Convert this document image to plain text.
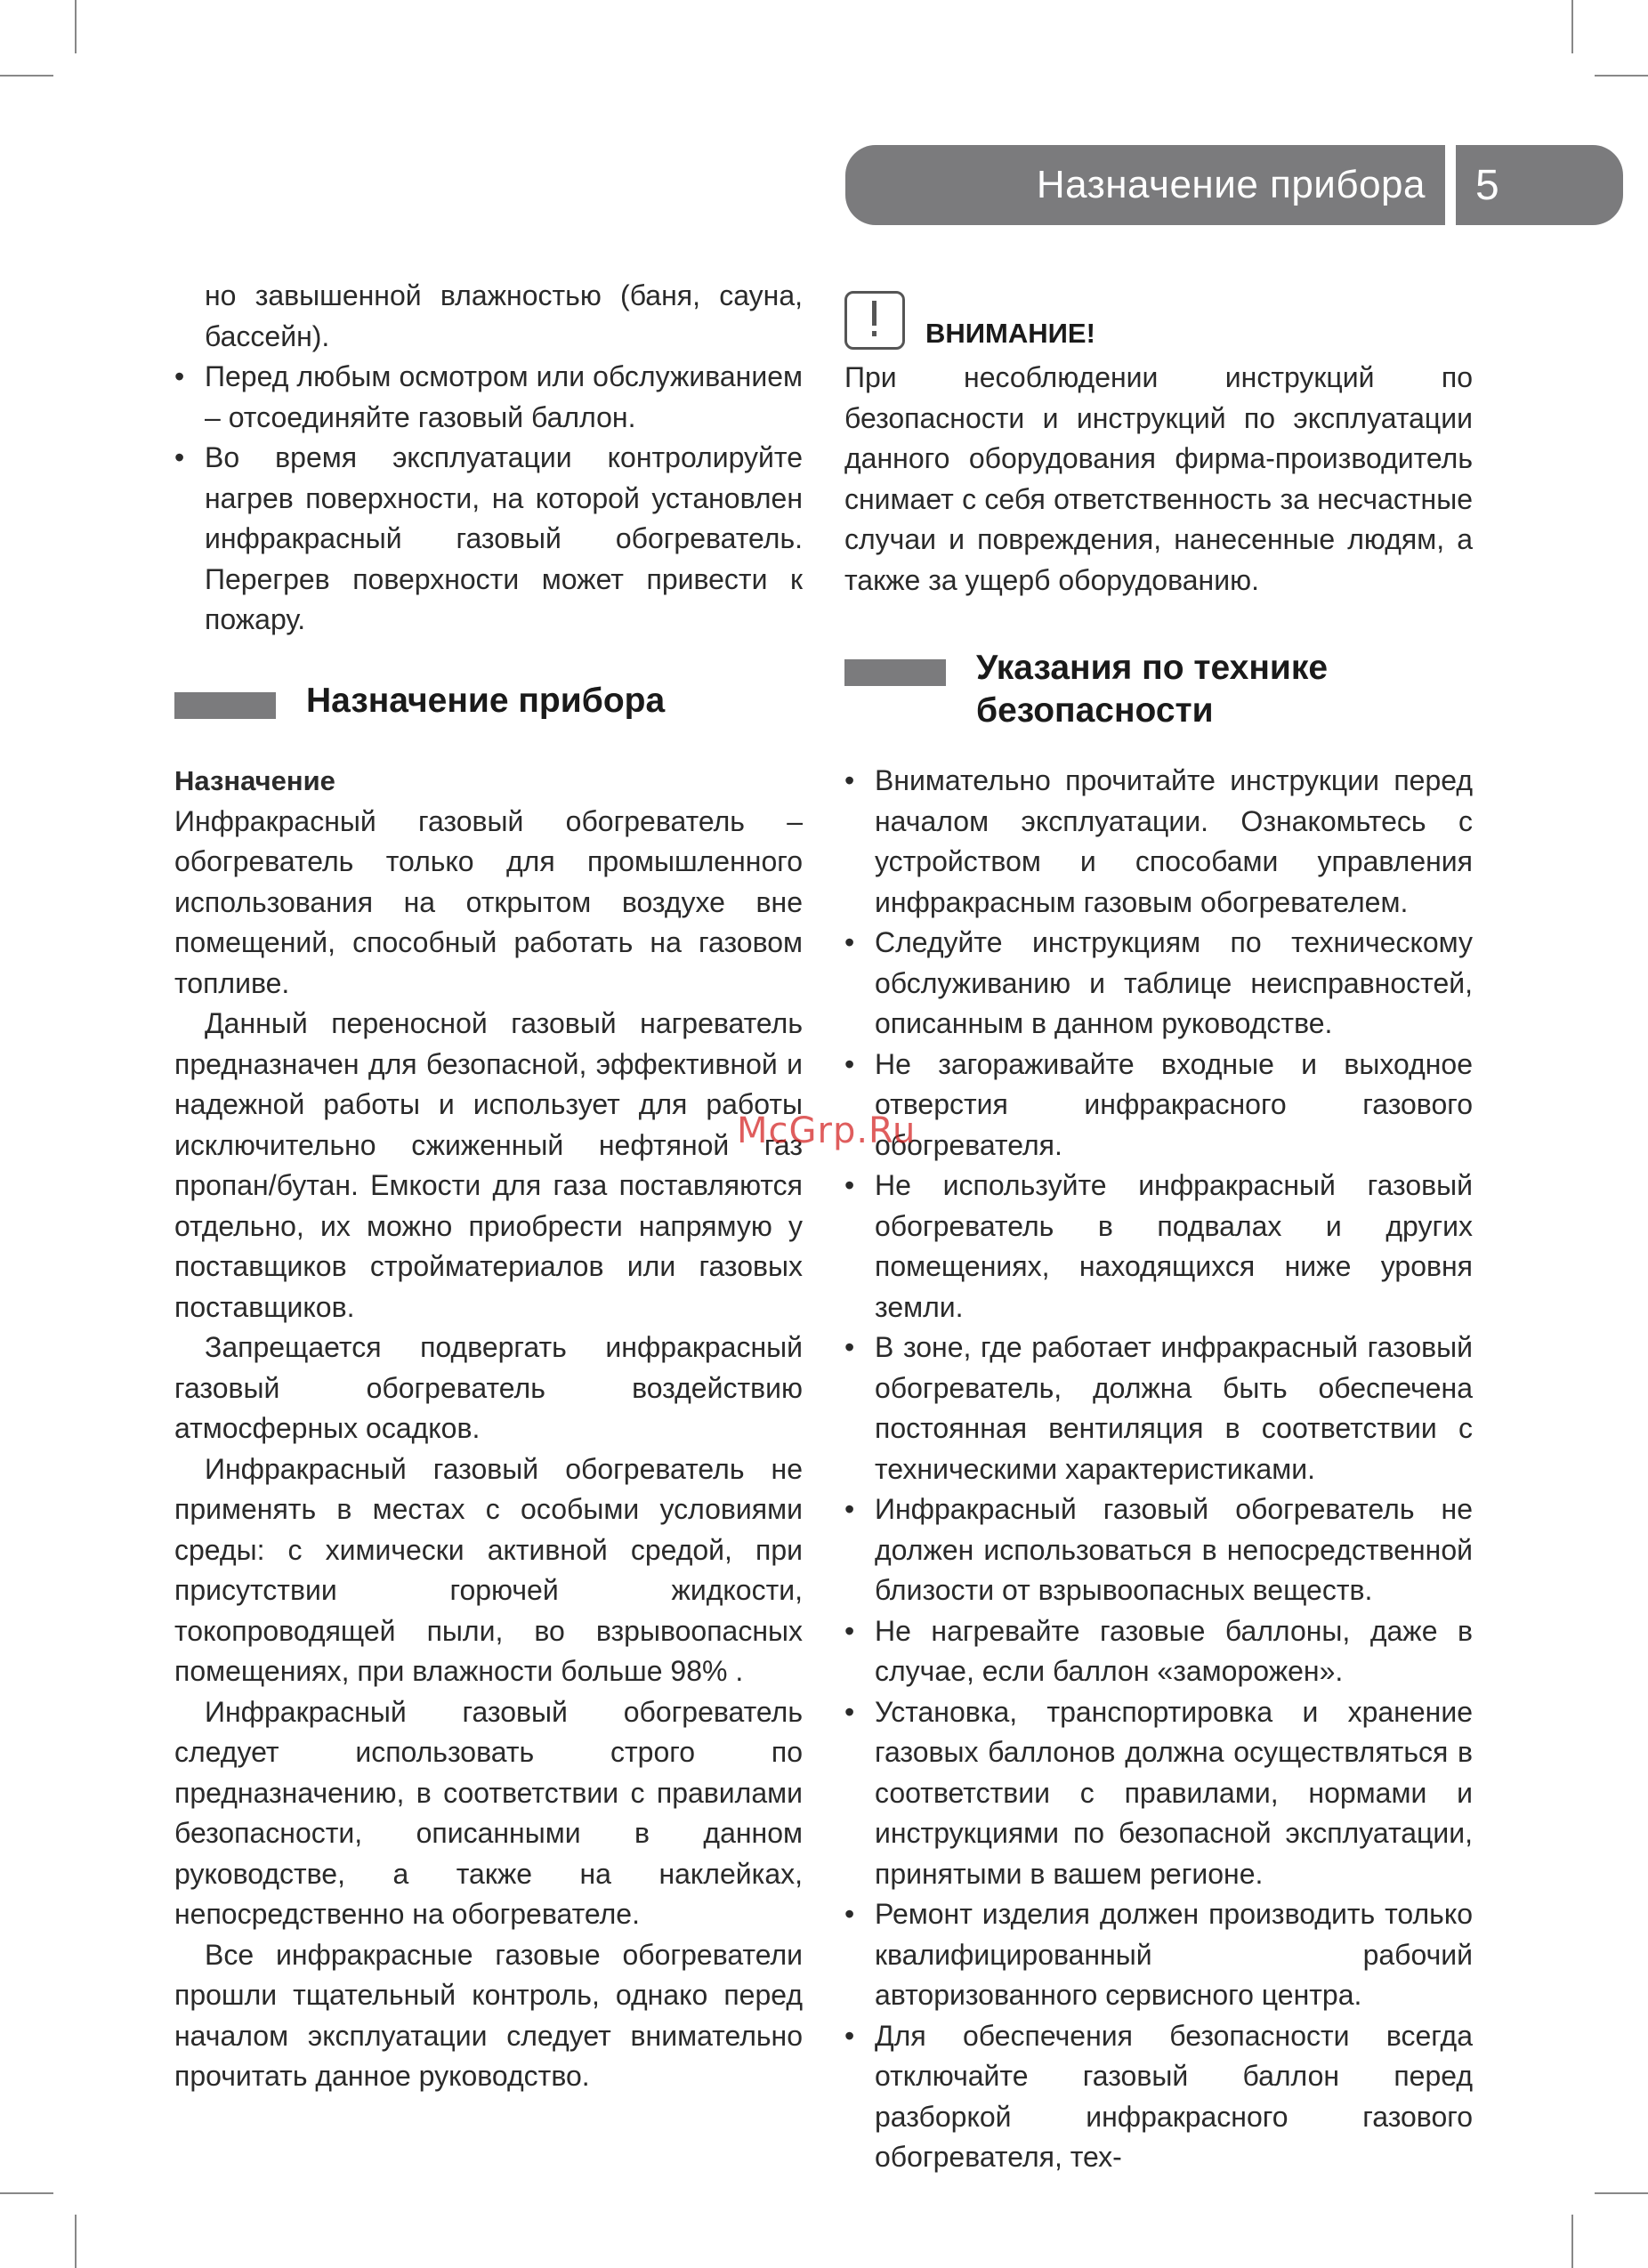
Назначение прибора	5

но завышенной влажностью (баня, сауна, бассейн).

• Перед любым осмотром или обслуживанием – отсоединяйте газовый баллон.
• Во время эксплуатации контролируйте нагрев поверхности, на которой установлен инфракрасный газовый обогреватель. Перегрев поверхности может привести к пожару.
Назначение прибора

Назначение

Инфракрасный газовый обогреватель – обогреватель только для промышленного использования на открытом воздухе вне помещений, способный работать на газовом топливе.

Данный переносной газовый нагреватель предназначен для безопасной, эффективной и надежной работы и использует для работы исключительно сжиженный нефтяной газ пропан/бутан. Емкости для газа поставляются отдельно, их можно приобрести напрямую у поставщиков стройматериалов или газовых поставщиков.

Запрещается подвергать инфракрасный газовый обогреватель воздействию атмосферных осадков.

Инфракрасный газовый обогреватель не применять в местах с особыми условиями среды: с химически активной средой, при присутствии горючей жидкости, токопроводящей пыли, во взрывоопасных помещениях, при влажности больше 98% .

Инфракрасный газовый обогреватель следует использовать строго по предназначению, в соответствии с правилами безопасности, описанными в данном руководстве, а также на наклейках, непосредственно на обогревателе.

Все инфракрасные газовые обогреватели прошли тщательный контроль, однако перед началом эксплуатации следует внимательно прочитать данное руководство.

ВНИМАНИЕ!

При несоблюдении инструкций по безопасности и инструкций по эксплуатации данного оборудования фирма-производитель снимает с себя ответственность за несчастные случаи и повреждения, нанесенные людям, а также за ущерб оборудованию.

Указания по технике
безопасности
• Внимательно прочитайте инструкции перед началом эксплуатации. Ознакомьтесь с устройством и способами управления инфракрасным газовым обогревателем.
• Следуйте инструкциям по техническому обслуживанию и таблице неисправностей, описанным в данном руководстве.
• Не загораживайте входные и выходное отверстия инфракрасного газового обогревателя.
• Не используйте инфракрасный газовый обогреватель в подвалах и других помещениях, находящихся ниже уровня земли.
• В зоне, где работает инфракрасный газовый обогреватель, должна быть обеспечена постоянная вентиляция в соответствии с техническими характеристиками.
• Инфракрасный газовый обогреватель не должен использоваться в непосредственной близости от взрывоопасных веществ.
• Не нагревайте газовые баллоны, даже в случае, если баллон «заморожен».
• Установка, транспортировка и хранение газовых баллонов должна осуществляться в соответствии с правилами, нормами и инструкциями по безопасной эксплуатации, принятыми в вашем регионе.
• Ремонт изделия должен производить только квалифицированный рабочий авторизованного сервисного центра.
• Для обеспечения безопасности всегда отключайте газовый баллон перед разборкой инфракрасного газового обогревателя, тех-
McGrp.Ru
